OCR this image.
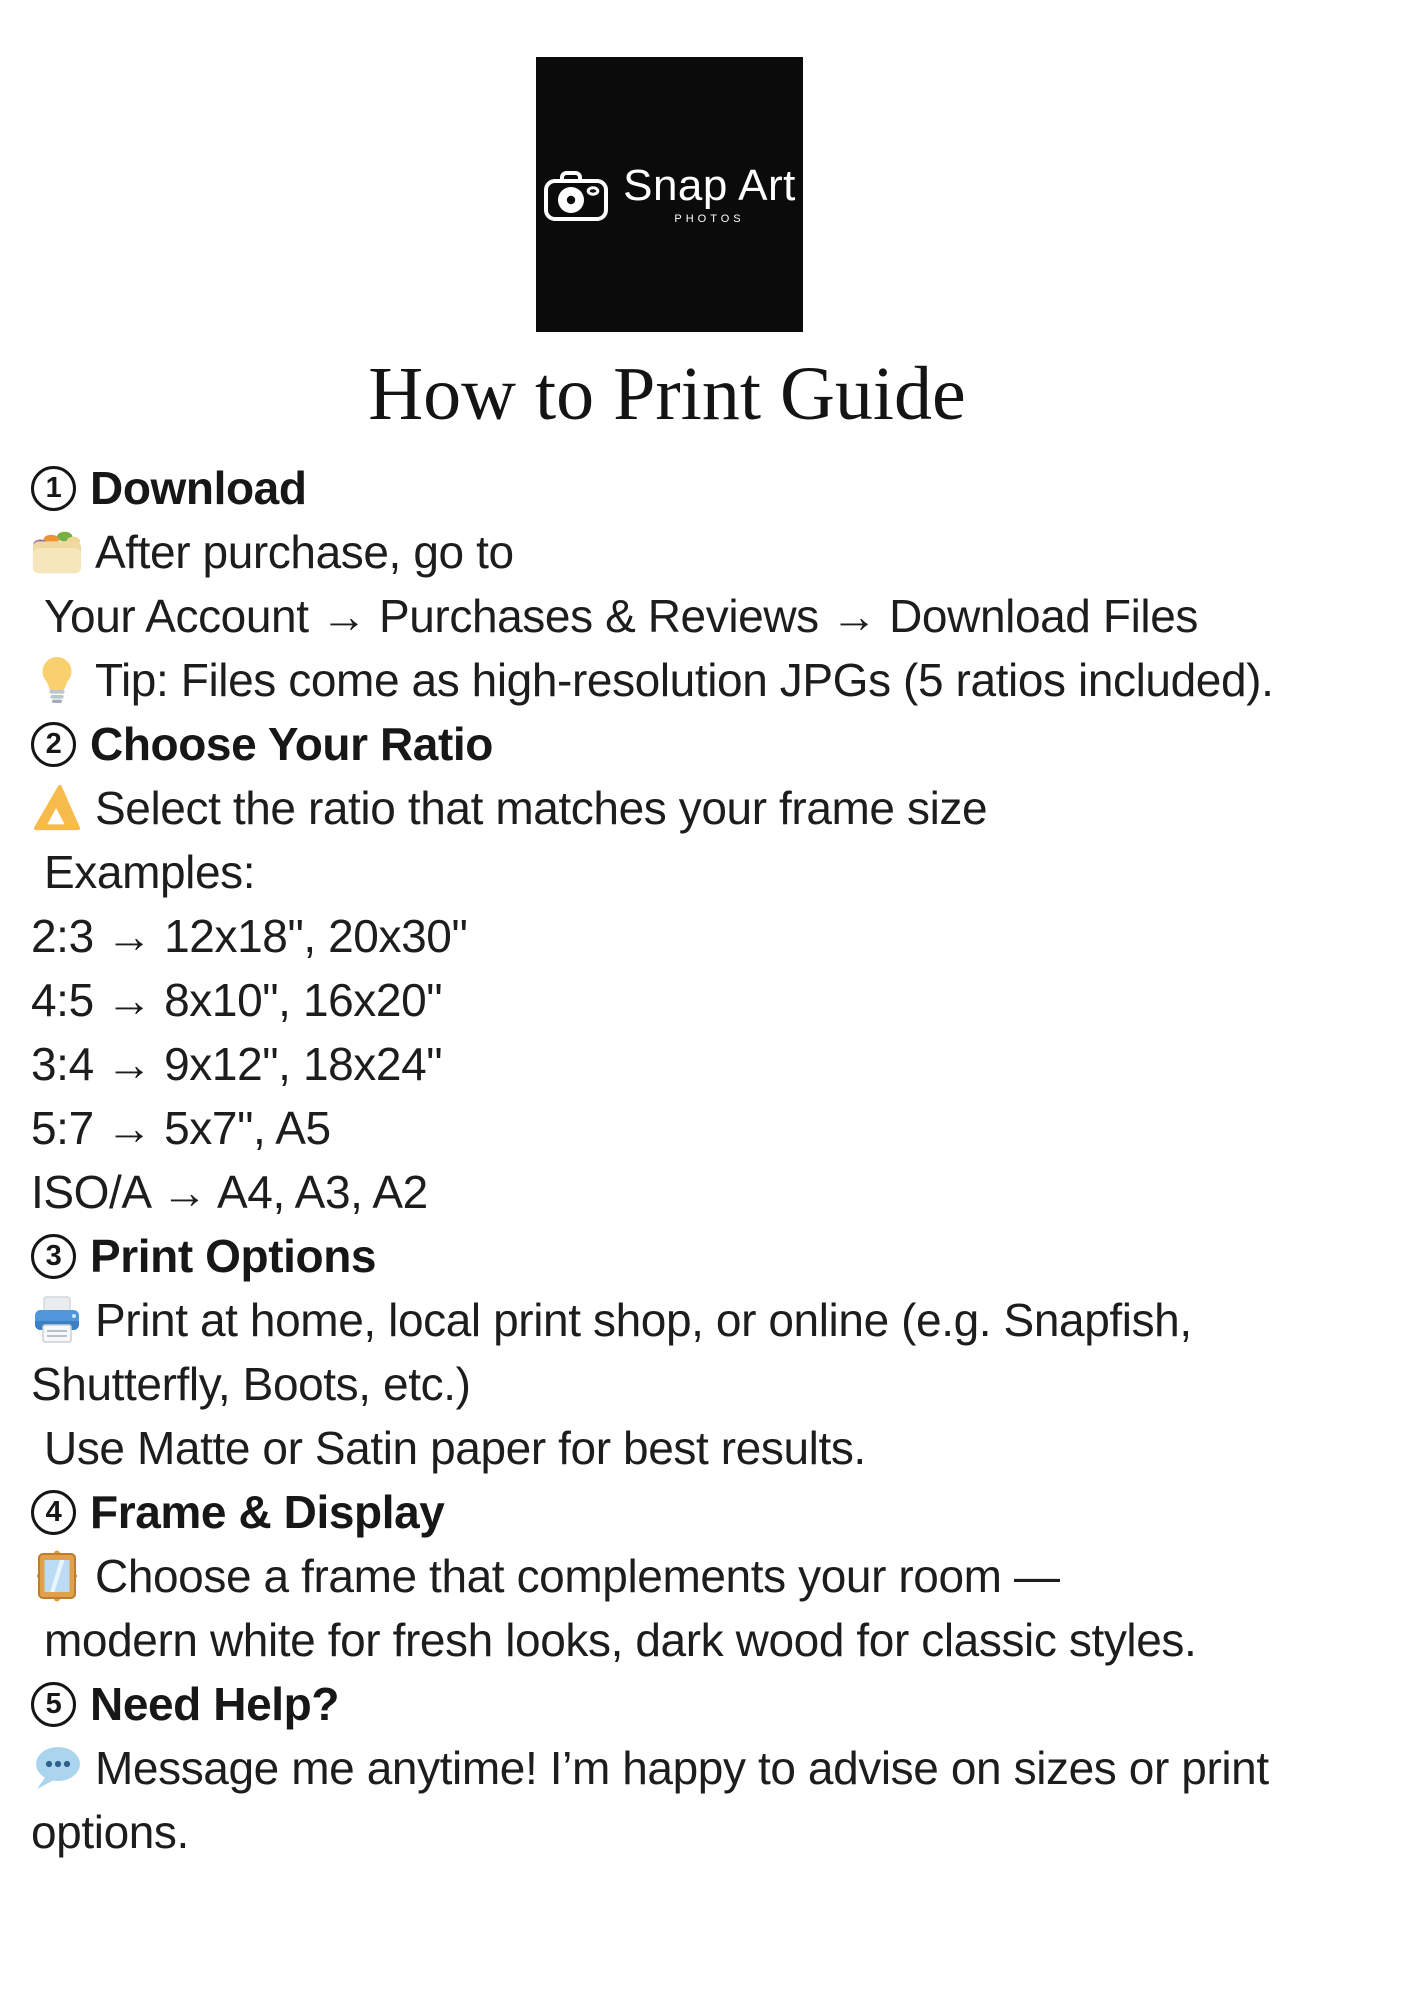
Snap Art
PHOTOS
How to Print Guide
1 Download
After purchase, go to
Your Account → Purchases & Reviews → Download Files
Tip: Files come as high-resolution JPGs (5 ratios included).
2 Choose Your Ratio
Select the ratio that matches your frame size
Examples:
2:3 → 12x18", 20x30"
4:5 → 8x10", 16x20"
3:4 → 9x12", 18x24"
5:7 → 5x7", A5
ISO/A → A4, A3, A2
3 Print Options
Print at home, local print shop, or online (e.g. Snapfish,
Shutterfly, Boots, etc.)
Use Matte or Satin paper for best results.
4 Frame & Display
Choose a frame that complements your room —
modern white for fresh looks, dark wood for classic styles.
5 Need Help?
Message me anytime! I’m happy to advise on sizes or print
options.
